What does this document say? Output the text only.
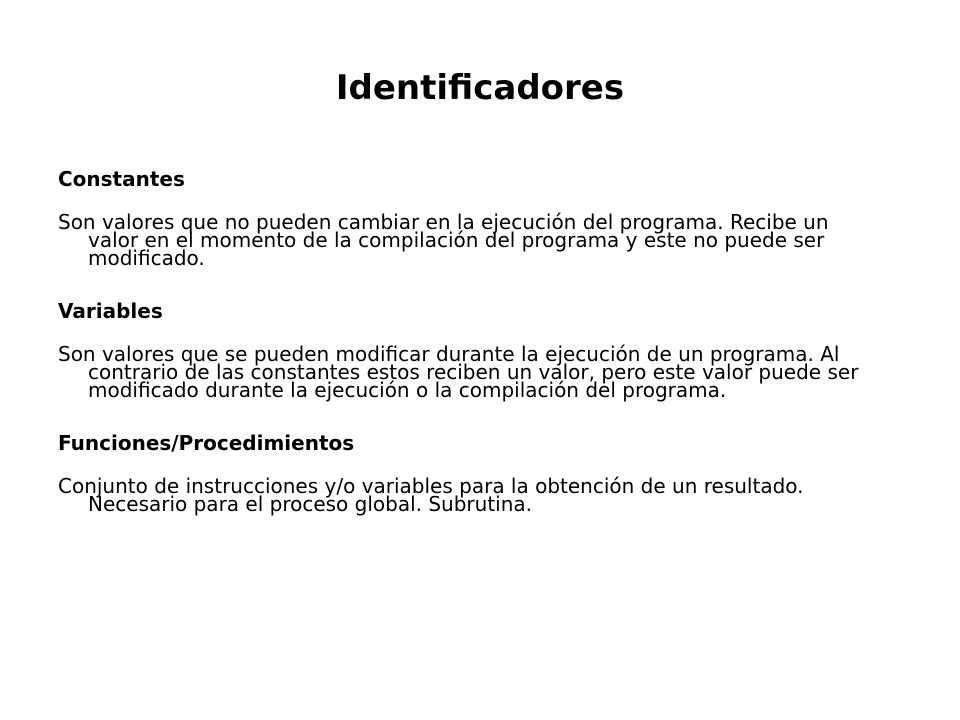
Identificadores

Constantes

Son valores que no pueden cambiar en la ejecución del programa. Recibe un valor en el momento de la compilación del programa y este no puede ser modificado.

Variables

Son valores que se pueden modificar durante la ejecución de un programa. Al contrario de las constantes estos reciben un valor, pero este valor puede ser modificado durante la ejecución o la compilación del programa.

Funciones/Procedimientos

Conjunto de instrucciones y/o variables para la obtención de un resultado. Necesario para el proceso global. Subrutina.
